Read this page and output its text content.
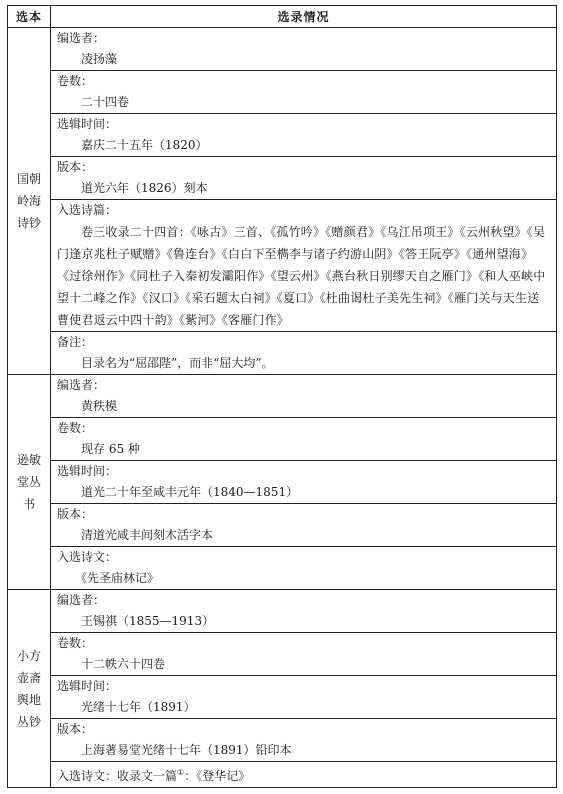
选本	选录情况
国朝岭海诗钞	编选者：
凌扬藻

	卷数：
二十四卷

	选辑时间：
嘉庆二十五年（1820）

	版本：
道光六年（1826）刻本

	入选诗篇：
卷三收录二十四首：《咏古》三首、《孤竹吟》《赠颜君》《乌江吊项王》《云州秋望》《吴门逢京兆杜子赋赠》《鲁连台》《白白下至檇李与诸子约游山阴》《答王阮亭》《通州望海》《过徐州作》《同杜子入秦初发灞阳作》《望云州》《燕台秋日别缪天自之雁门》《和人巫峡中望十二峰之作》《汉口》《采石题太白祠》《夏口》《杜曲谒杜子美先生祠》《雁门关与天生送曹使君返云中四十韵》《紫河》《客雁门作》

	备注：
目录名为“屈邵陛”，而非“屈大均”。

逊敏堂丛书	编选者：
黄秩模

	卷数：
现存 65 种

	选辑时间：
道光二十年至咸丰元年（1840—1851）

	版本：
清道光咸丰间刻木活字本

	入选诗文：
《先圣庙林记》

小方壶斋舆地丛钞	编选者：
王锡祺（1855—1913）

	卷数：
十二帙六十四卷

	选辑时间：
光绪十七年（1891）

	版本：
上海著易堂光绪十七年（1891）铅印本

	入选诗文：收录文一篇①：《登华记》
